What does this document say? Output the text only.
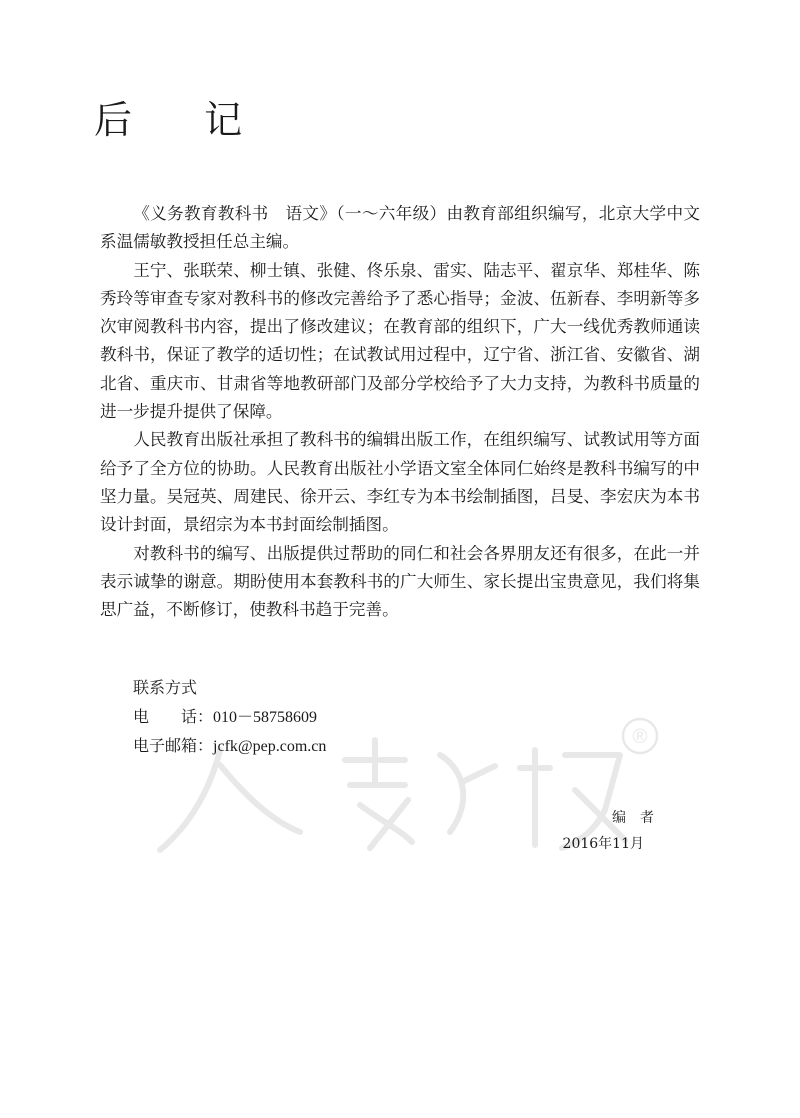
后 记

《义务教育教科书　语文》（一～六年级）由教育部组织编写，北京大学中文系温儒敏教授担任总主编。

王宁、张联荣、柳士镇、张健、佟乐泉、雷实、陆志平、翟京华、郑桂华、陈秀玲等审查专家对教科书的修改完善给予了悉心指导；金波、伍新春、李明新等多次审阅教科书内容，提出了修改建议；在教育部的组织下，广大一线优秀教师通读教科书，保证了教学的适切性；在试教试用过程中，辽宁省、浙江省、安徽省、湖北省、重庆市、甘肃省等地教研部门及部分学校给予了大力支持，为教科书质量的进一步提升提供了保障。

人民教育出版社承担了教科书的编辑出版工作，在组织编写、试教试用等方面给予了全方位的协助。人民教育出版社小学语文室全体同仁始终是教科书编写的中坚力量。吴冠英、周建民、徐开云、李红专为本书绘制插图，吕旻、李宏庆为本书设计封面，景绍宗为本书封面绘制插图。

对教科书的编写、出版提供过帮助的同仁和社会各界朋友还有很多，在此一并表示诚挚的谢意。期盼使用本套教科书的广大师生、家长提出宝贵意见，我们将集思广益，不断修订，使教科书趋于完善。

联系方式
电　　话：010－58758609
电子邮箱：jcfk@pep.com.cn	®
编　者
2016年11月
